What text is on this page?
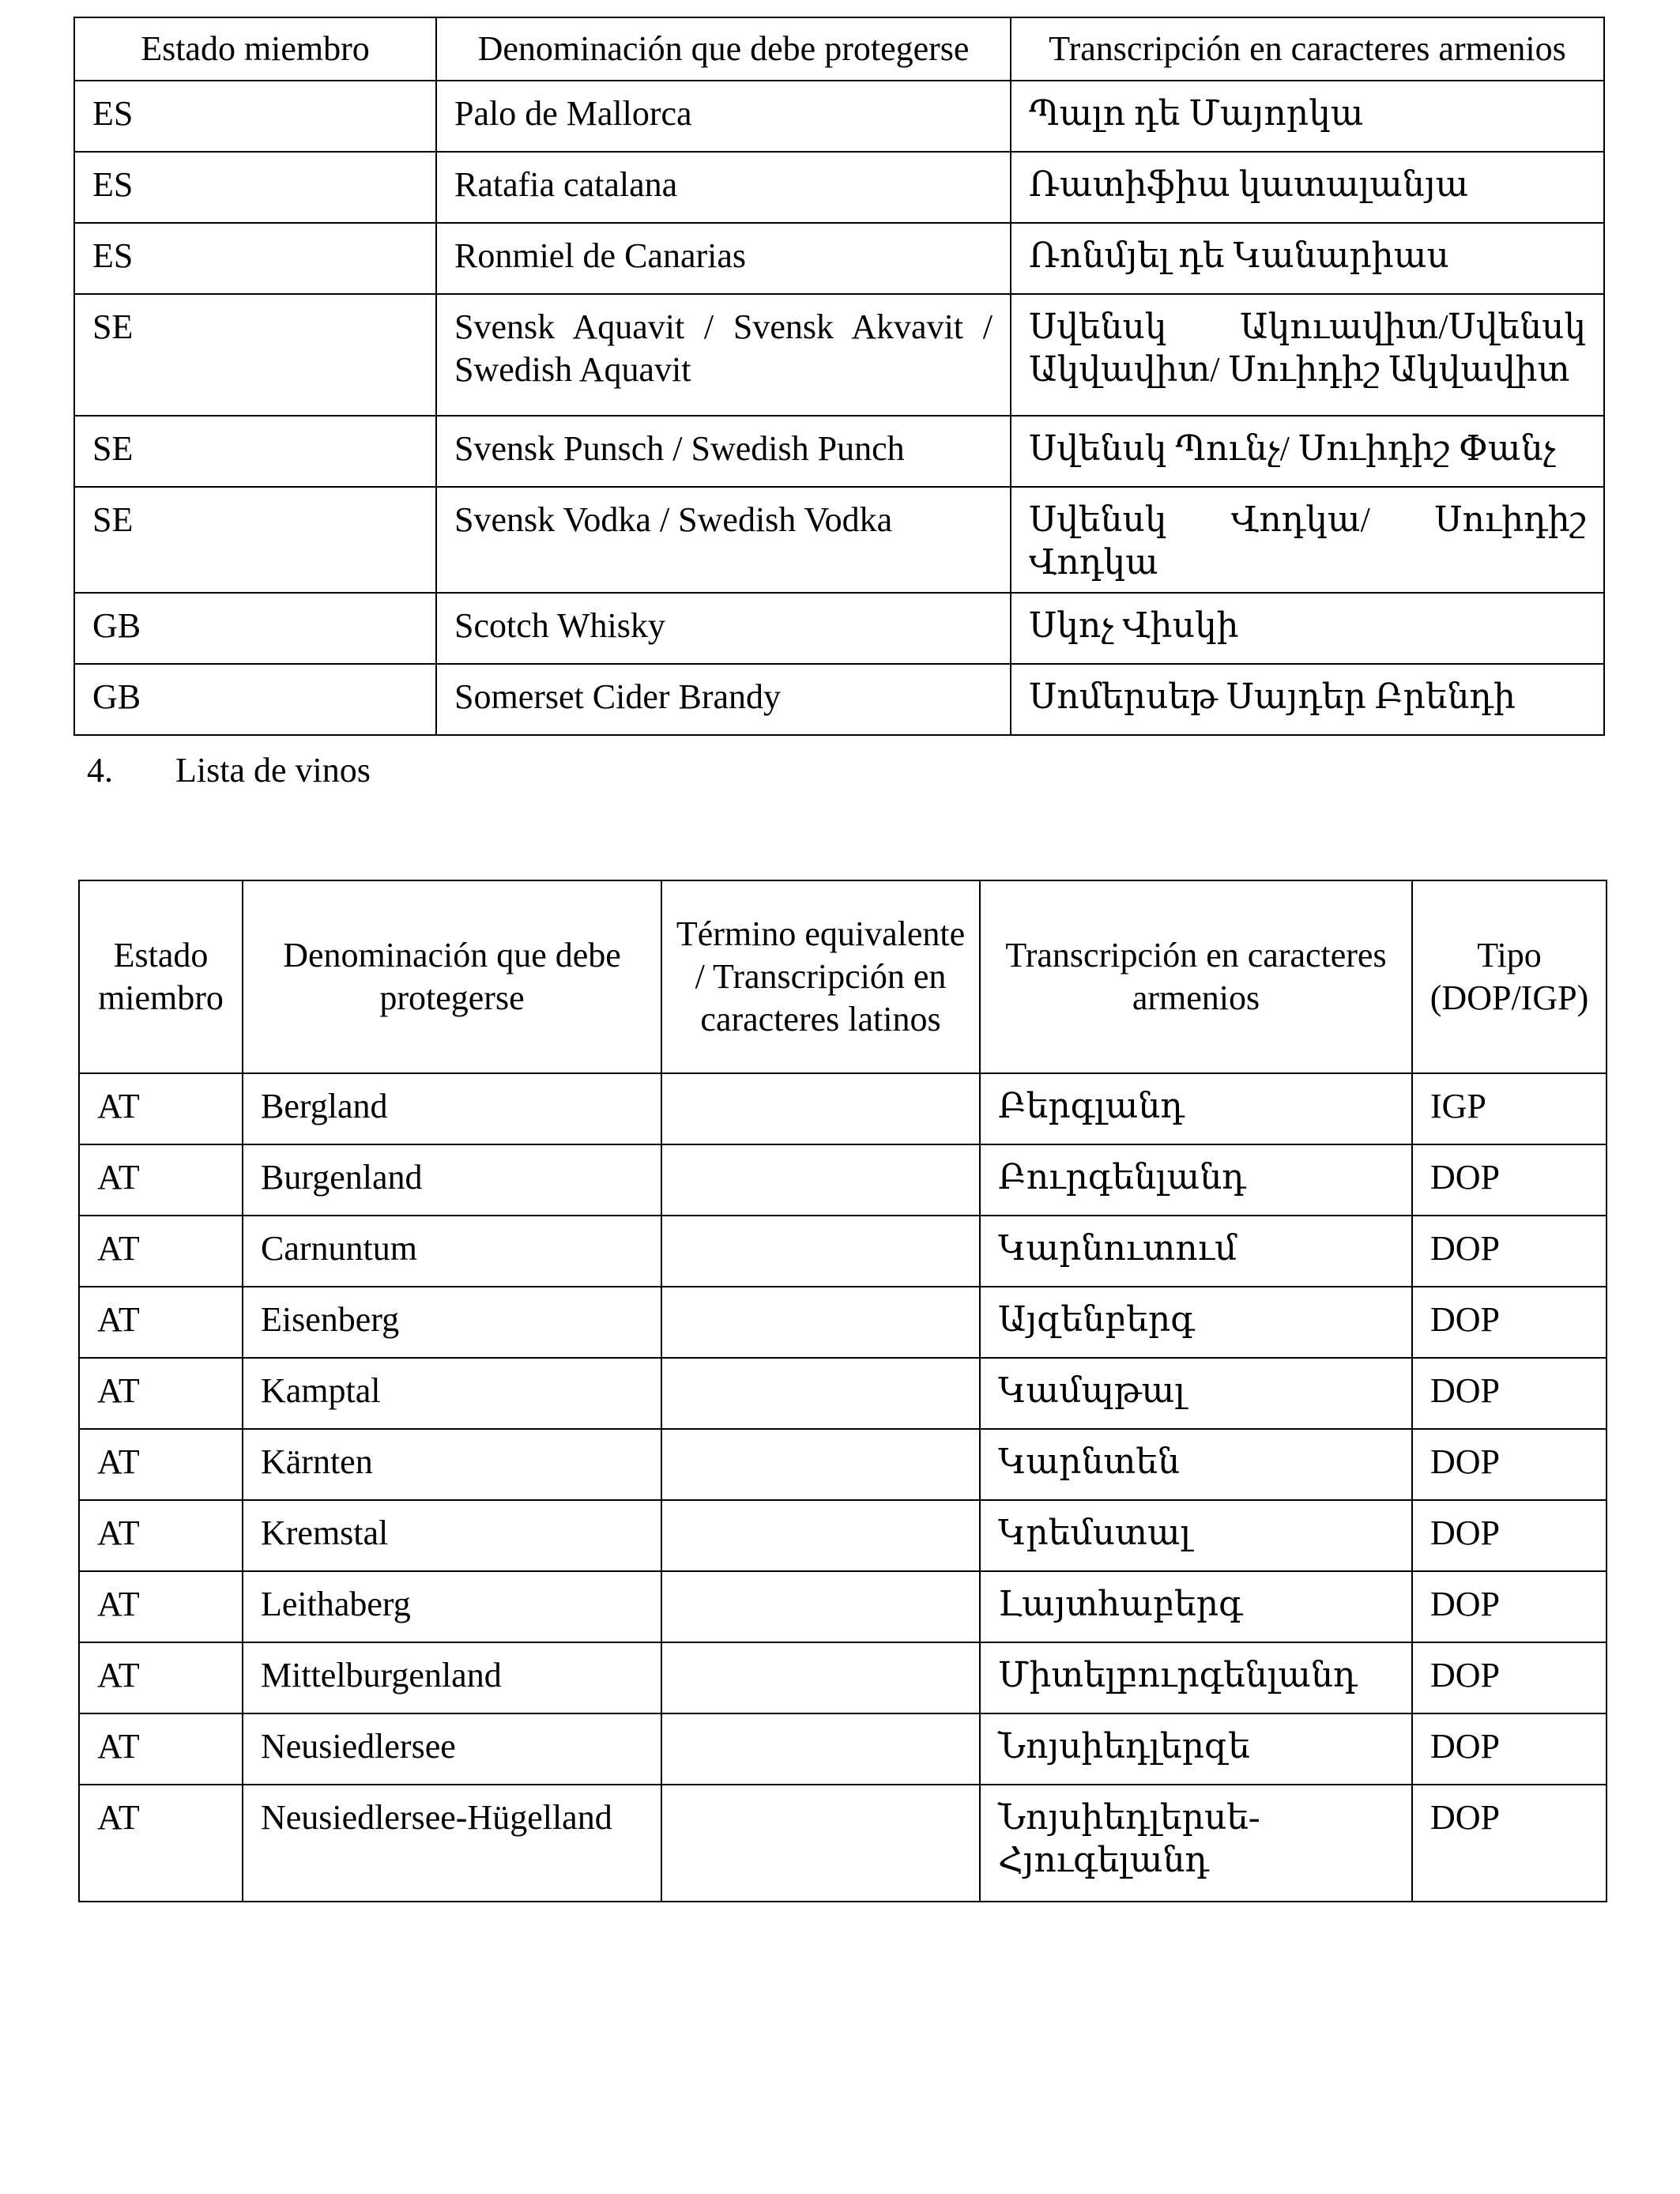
Estado miembro	Denominación que debe protegerse	Transcripción en caracteres armenios
ES	Palo de Mallorca	Պալո դե Մայորկա
ES	Ratafia catalana	Ռատիֆիա կատալանյա
ES	Ronmiel de Canarias	Ռոնմյել դե Կանարիաս
SE	Svensk Aquavit / Svensk Akvavit / Swedish Aquavit	Սվենսկ Ակուավիտ/Սվենսկ Ակվավիտ/ Սուիդիշ Ակվավիտ
SE	Svensk Punsch / Swedish Punch	Սվենսկ Պունչ/ Սուիդիշ Փանչ
SE	Svensk Vodka / Swedish Vodka	Սվենսկ Վոդկա/ Սուիդիշ Վոդկա
GB	Scotch Whisky	Սկոչ Վիսկի
GB	Somerset Cider Brandy	Սոմերսեթ Սայդեր Բրենդի
4. Lista de vinos
Estado miembro	Denominación que debe protegerse	Término equivalente / Transcripción en caracteres latinos	Transcripción en caracteres armenios	Tipo (DOP/IGP)
AT	Bergland		Բերգլանդ	IGP
AT	Burgenland		Բուրգենլանդ	DOP
AT	Carnuntum		Կարնուտում	DOP
AT	Eisenberg		Այզենբերգ	DOP
AT	Kamptal		Կամպթալ	DOP
AT	Kärnten		Կարնտեն	DOP
AT	Kremstal		Կրեմստալ	DOP
AT	Leithaberg		Լայտհաբերգ	DOP
AT	Mittelburgenland		Միտելբուրգենլանդ	DOP
AT	Neusiedlersee		Նոյսիեդլերզե	DOP
AT	Neusiedlersee-Hügelland		Նոյսիեդլերսե- Հյուգելանդ	DOP
